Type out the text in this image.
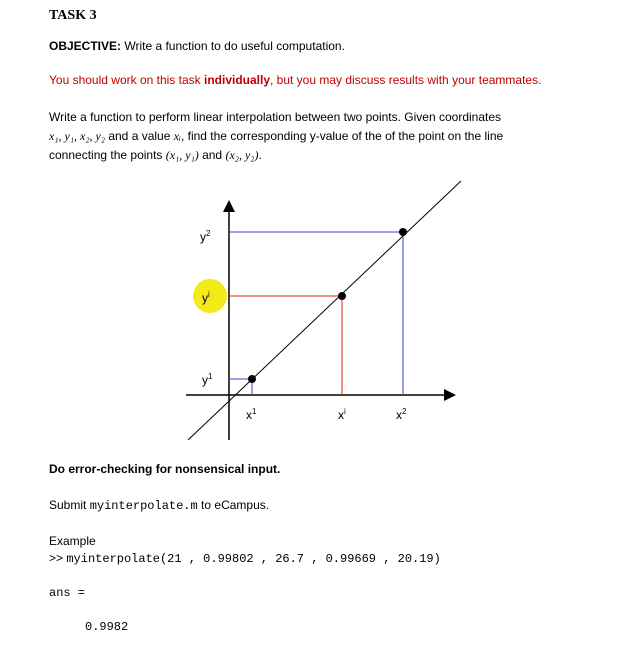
TASK 3
OBJECTIVE: Write a function to do useful computation.
You should work on this task individually, but you may discuss results with your teammates.
Write a function to perform linear interpolation between two points. Given coordinates
x₁, y₁, x₂, y₂ and a value xᵢ, find the corresponding y-value of the of the point on the line
connecting the points (x₁, y₁) and (x₂, y₂).
$y^2$
$y^i$
$y^1$
$x^1$	$x^i$	$x^2$
Do error-checking for nonsensical input.
Submit myinterpolate.m to eCampus.
Example
>> myinterpolate(21 , 0.99802 , 26.7 , 0.99669 , 20.19)
ans =
0.9982
